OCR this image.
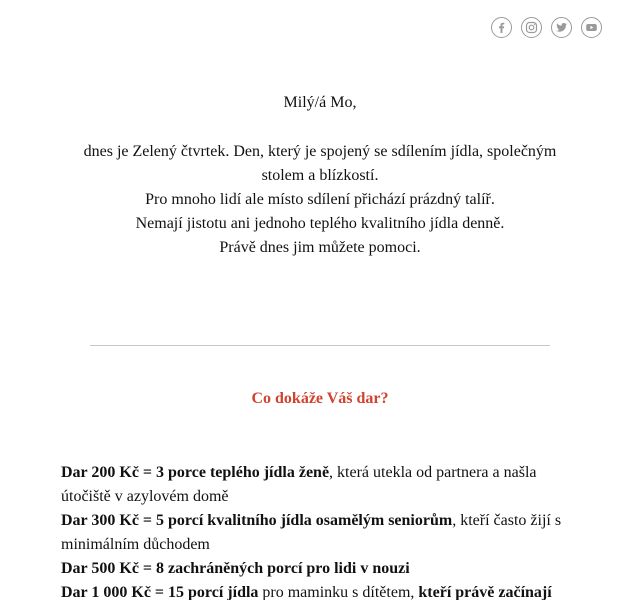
Milý/á Mo,

dnes je Zelený čtvrtek. Den, který je spojený se sdílením jídla, společným stolem a blízkostí.

Pro mnoho lidí ale místo sdílení přichází prázdný talíř.

Nemají jistotu ani jednoho teplého kvalitního jídla denně.

Právě dnes jim můžete pomoci.

Co dokáže Váš dar?

Dar 200 Kč = 3 porce teplého jídla ženě, která utekla od partnera a našla útočiště v azylovém domě

Dar 300 Kč = 5 porcí kvalitního jídla osamělým seniorům, kteří často žijí s minimálním důchodem

Dar 500 Kč = 8 zachráněných porcí pro lidi v nouzi

Dar 1 000 Kč = 15 porcí jídla pro maminku s dítětem, kteří právě začínají
